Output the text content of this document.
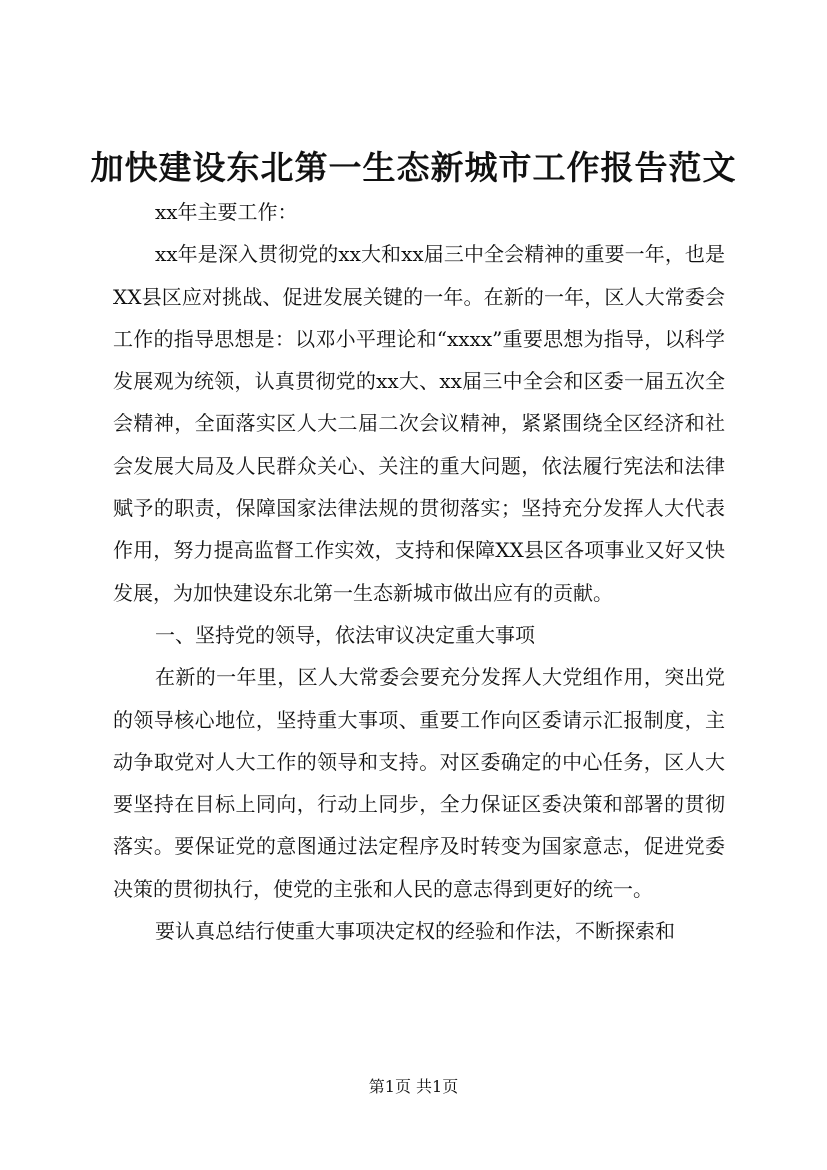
加快建设东北第一生态新城市工作报告范文

xx年主要工作：

xx年是深入贯彻党的xx大和xx届三中全会精神的重要一年，也是XX县区应对挑战、促进发展关键的一年。在新的一年，区人大常委会工作的指导思想是：以邓小平理论和“xxxx”重要思想为指导，以科学发展观为统领，认真贯彻党的xx大、xx届三中全会和区委一届五次全会精神，全面落实区人大二届二次会议精神，紧紧围绕全区经济和社会发展大局及人民群众关心、关注的重大问题，依法履行宪法和法律赋予的职责，保障国家法律法规的贯彻落实；坚持充分发挥人大代表作用，努力提高监督工作实效，支持和保障XX县区各项事业又好又快发展，为加快建设东北第一生态新城市做出应有的贡献。

一、坚持党的领导，依法审议决定重大事项

在新的一年里，区人大常委会要充分发挥人大党组作用，突出党的领导核心地位，坚持重大事项、重要工作向区委请示汇报制度，主动争取党对人大工作的领导和支持。对区委确定的中心任务，区人大要坚持在目标上同向，行动上同步，全力保证区委决策和部署的贯彻落实。要保证党的意图通过法定程序及时转变为国家意志，促进党委决策的贯彻执行，使党的主张和人民的意志得到更好的统一。

要认真总结行使重大事项决定权的经验和作法，不断探索和

第1页 共1页
